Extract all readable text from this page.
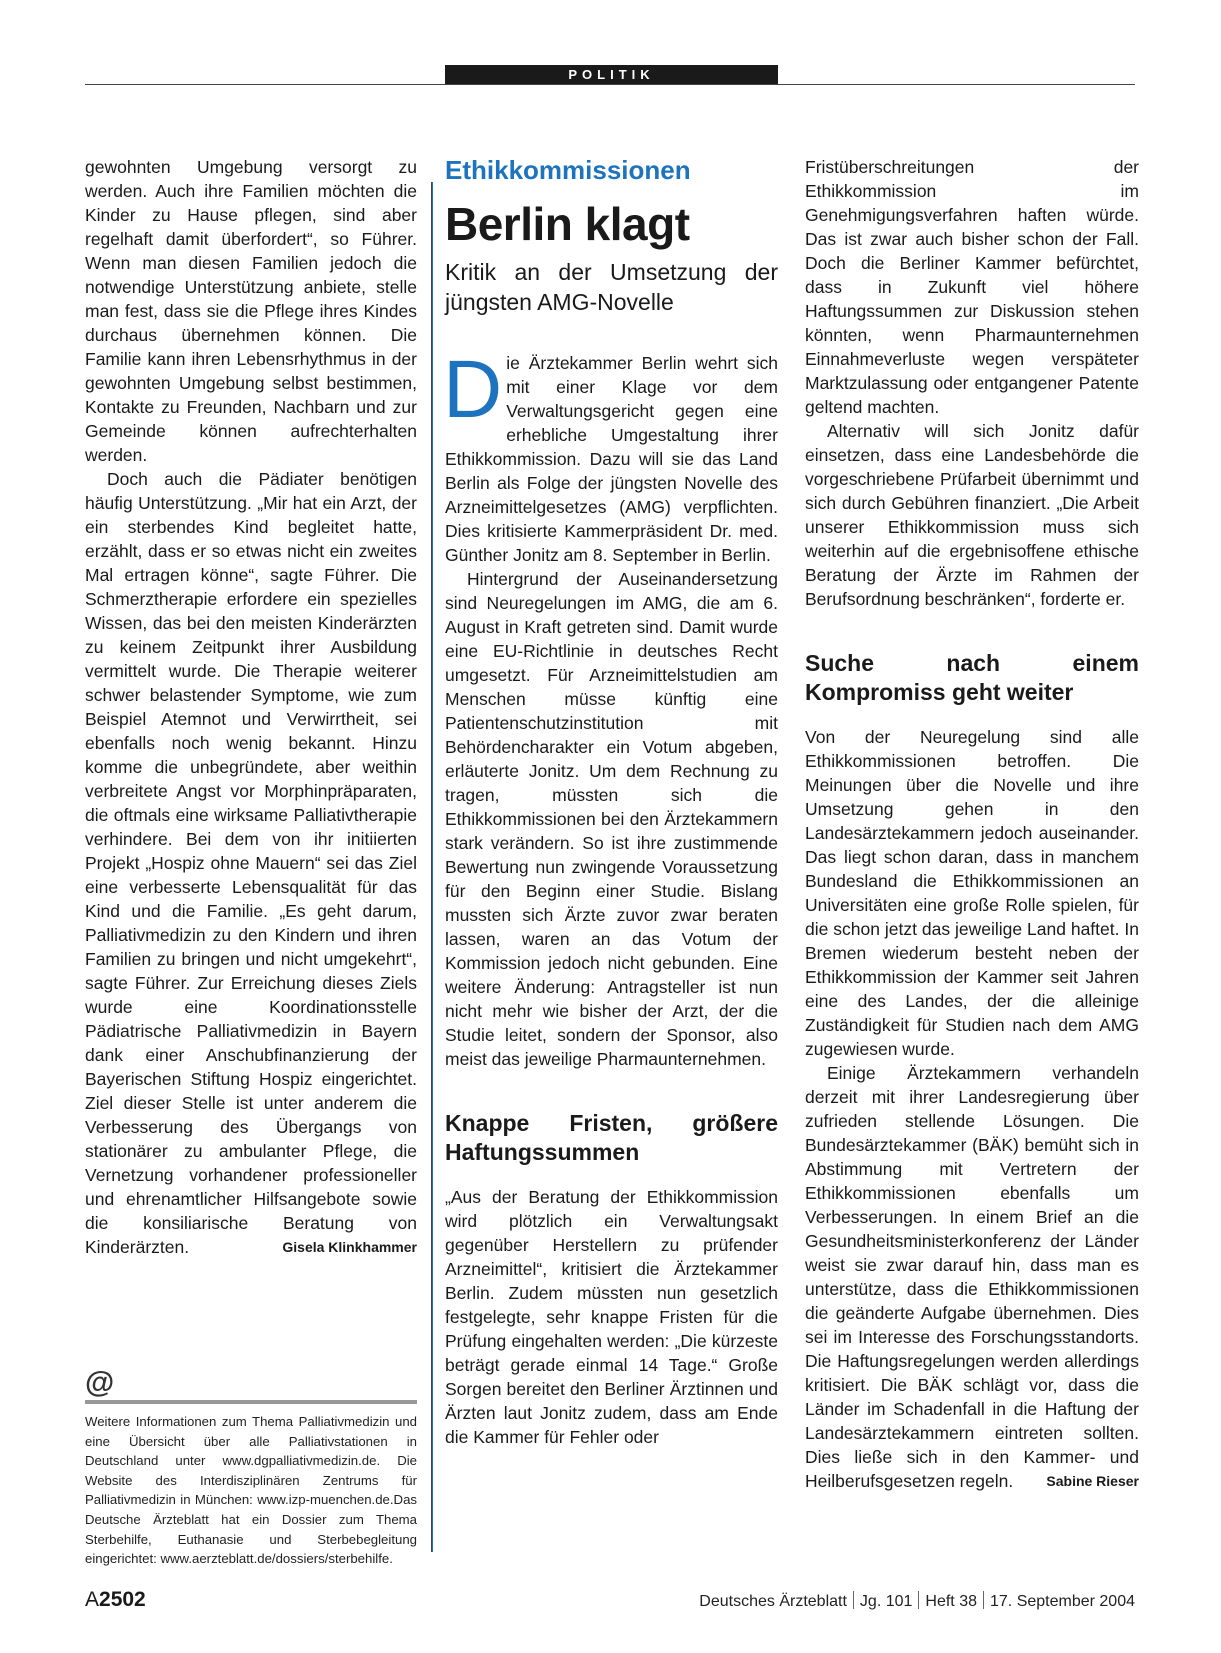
POLITIK

gewohnten Umgebung versorgt zu werden. Auch ihre Familien möchten die Kinder zu Hause pflegen, sind aber regelhaft damit überfordert“, so Führer. Wenn man diesen Familien jedoch die notwendige Unterstützung anbiete, stelle man fest, dass sie die Pflege ihres Kindes durchaus übernehmen können. Die Familie kann ihren Lebensrhythmus in der gewohnten Umgebung selbst bestimmen, Kontakte zu Freunden, Nachbarn und zur Gemeinde können aufrechterhalten werden.

Doch auch die Pädiater benötigen häufig Unterstützung. „Mir hat ein Arzt, der ein sterbendes Kind begleitet hatte, erzählt, dass er so etwas nicht ein zweites Mal ertragen könne“, sagte Führer. Die Schmerztherapie erfordere ein spezielles Wissen, das bei den meisten Kinderärzten zu keinem Zeitpunkt ihrer Ausbildung vermittelt wurde. Die Therapie weiterer schwer belastender Symptome, wie zum Beispiel Atemnot und Verwirrtheit, sei ebenfalls noch wenig bekannt. Hinzu komme die unbegründete, aber weithin verbreitete Angst vor Morphinpräparaten, die oftmals eine wirksame Palliativtherapie verhindere. Bei dem von ihr initiierten Projekt „Hospiz ohne Mauern“ sei das Ziel eine verbesserte Lebensqualität für das Kind und die Familie. „Es geht darum, Palliativmedizin zu den Kindern und ihren Familien zu bringen und nicht umgekehrt“, sagte Führer. Zur Erreichung dieses Ziels wurde eine Koordinationsstelle Pädiatrische Palliativmedizin in Bayern dank einer Anschubfinanzierung der Bayerischen Stiftung Hospiz eingerichtet. Ziel dieser Stelle ist unter anderem die Verbesserung des Übergangs von stationärer zu ambulanter Pflege, die Vernetzung vorhandener professioneller und ehrenamtlicher Hilfsangebote sowie die konsiliarische Beratung von Kinderärzten.	Gisela Klinkhammer

@
Weitere Informationen zum Thema Palliativmedizin und eine Übersicht über alle Palliativstationen in Deutschland unter www.dgpalliativmedizin.de. Die Website des Interdisziplinären Zentrums für Palliativmedizin in München: www.izp-muenchen.de.Das Deutsche Ärzteblatt hat ein Dossier zum Thema Sterbehilfe, Euthanasie und Sterbebegleitung eingerichtet: www.aerzteblatt.de/dossiers/sterbehilfe.
Ethikkommissionen
Berlin klagt
Kritik an der Umsetzung der jüngsten AMG-Novelle

Die Ärztekammer Berlin wehrt sich mit einer Klage vor dem Verwaltungsgericht gegen eine erhebliche Umgestaltung ihrer Ethikkommission. Dazu will sie das Land Berlin als Folge der jüngsten Novelle des Arzneimittelgesetzes (AMG) verpflichten. Dies kritisierte Kammerpräsident Dr. med. Günther Jonitz am 8. September in Berlin.

Hintergrund der Auseinandersetzung sind Neuregelungen im AMG, die am 6. August in Kraft getreten sind. Damit wurde eine EU-Richtlinie in deutsches Recht umgesetzt. Für Arzneimittelstudien am Menschen müsse künftig eine Patientenschutzinstitution mit Behördencharakter ein Votum abgeben, erläuterte Jonitz. Um dem Rechnung zu tragen, müssten sich die Ethikkommissionen bei den Ärztekammern stark verändern. So ist ihre zustimmende Bewertung nun zwingende Voraussetzung für den Beginn einer Studie. Bislang mussten sich Ärzte zuvor zwar beraten lassen, waren an das Votum der Kommission jedoch nicht gebunden. Eine weitere Änderung: Antragsteller ist nun nicht mehr wie bisher der Arzt, der die Studie leitet, sondern der Sponsor, also meist das jeweilige Pharmaunternehmen.

Knappe Fristen, größere Haftungssummen

„Aus der Beratung der Ethikkommission wird plötzlich ein Verwaltungsakt gegenüber Herstellern zu prüfender Arzneimittel“, kritisiert die Ärztekammer Berlin. Zudem müssten nun gesetzlich festgelegte, sehr knappe Fristen für die Prüfung eingehalten werden: „Die kürzeste beträgt gerade einmal 14 Tage.“ Große Sorgen bereitet den Berliner Ärztinnen und Ärzten laut Jonitz zudem, dass am Ende die Kammer für Fehler oder

Fristüberschreitungen der Ethikkommission im Genehmigungsverfahren haften würde. Das ist zwar auch bisher schon der Fall. Doch die Berliner Kammer befürchtet, dass in Zukunft viel höhere Haftungssummen zur Diskussion stehen könnten, wenn Pharmaunternehmen Einnahmeverluste wegen verspäteter Marktzulassung oder entgangener Patente geltend machten.

Alternativ will sich Jonitz dafür einsetzen, dass eine Landesbehörde die vorgeschriebene Prüfarbeit übernimmt und sich durch Gebühren finanziert. „Die Arbeit unserer Ethikkommission muss sich weiterhin auf die ergebnisoffene ethische Beratung der Ärzte im Rahmen der Berufsordnung beschränken“, forderte er.

Suche nach einem Kompromiss geht weiter

Von der Neuregelung sind alle Ethikkommissionen betroffen. Die Meinungen über die Novelle und ihre Umsetzung gehen in den Landesärztekammern jedoch auseinander. Das liegt schon daran, dass in manchem Bundesland die Ethikkommissionen an Universitäten eine große Rolle spielen, für die schon jetzt das jeweilige Land haftet. In Bremen wiederum besteht neben der Ethikkommission der Kammer seit Jahren eine des Landes, der die alleinige Zuständigkeit für Studien nach dem AMG zugewiesen wurde.

Einige Ärztekammern verhandeln derzeit mit ihrer Landesregierung über zufrieden stellende Lösungen. Die Bundesärztekammer (BÄK) bemüht sich in Abstimmung mit Vertretern der Ethikkommissionen ebenfalls um Verbesserungen. In einem Brief an die Gesundheitsministerkonferenz der Länder weist sie zwar darauf hin, dass man es unterstütze, dass die Ethikkommissionen die geänderte Aufgabe übernehmen. Dies sei im Interesse des Forschungsstandorts. Die Haftungsregelungen werden allerdings kritisiert. Die BÄK schlägt vor, dass die Länder im Schadenfall in die Haftung der Landesärztekammern eintreten sollten. Dies ließe sich in den Kammer- und Heilberufsgesetzen regeln.	Sabine Rieser

A2502	Deutsches Ärzteblatt Jg. 101 Heft 38 17. September 2004
